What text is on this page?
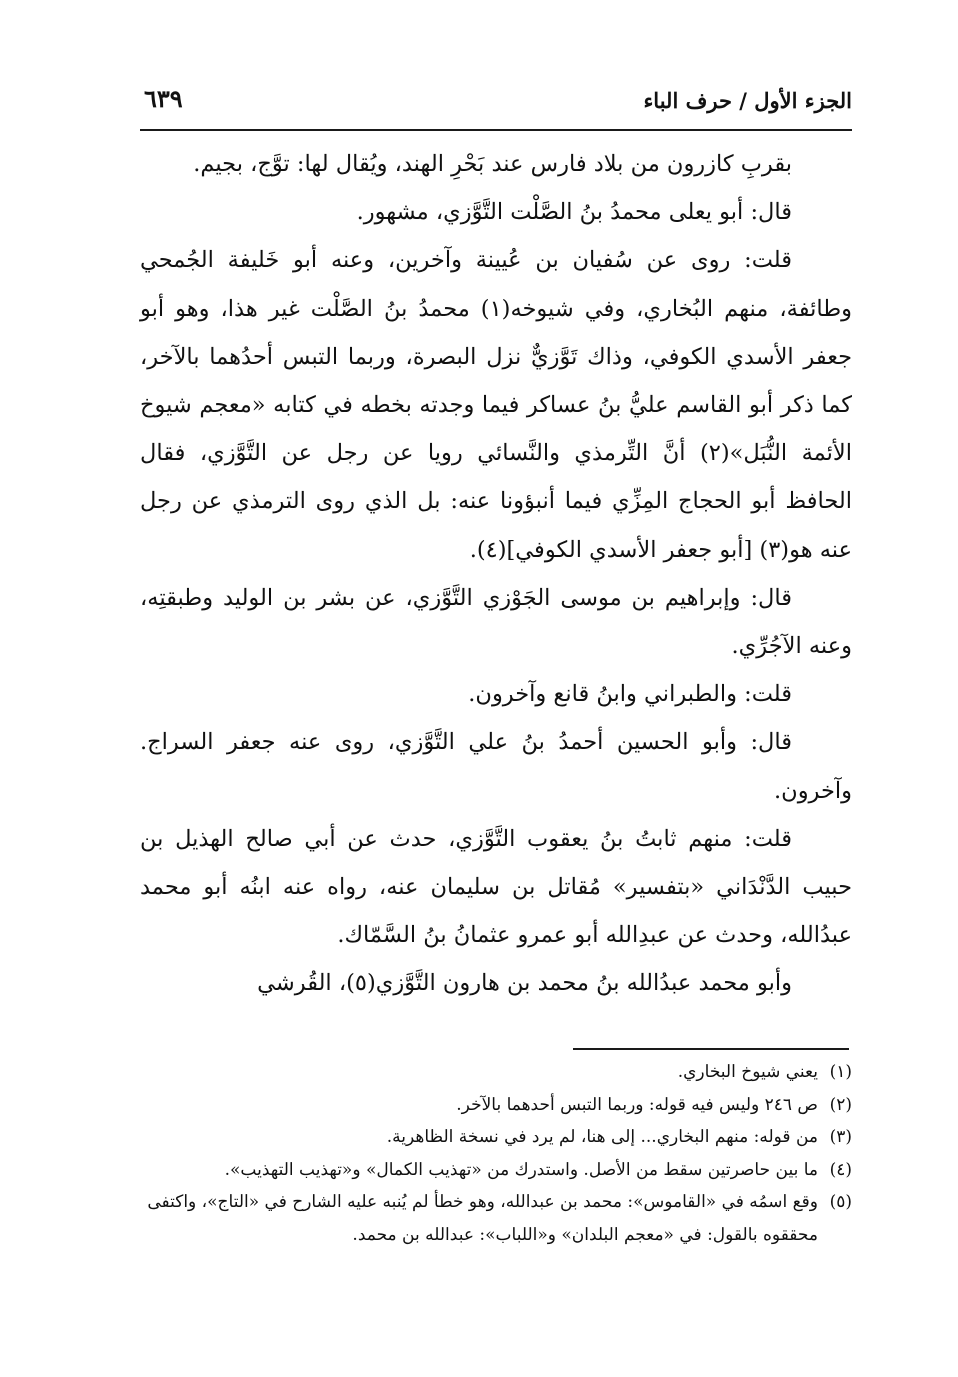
الجزء الأول / حرف الباء
٦٣٩

بقربِ كازرون من بلاد فارس عند بَحْرِ الهند، ويُقال لها: توَّج، بجيم.

قال: أبو يعلى محمدُ بنُ الصَّلْت التَّوَّزي، مشهور.

قلت: روى عن سُفيان بن عُيينة وآخرين، وعنه أبو خَليفة الجُمحي وطائفة، منهم البُخاري، وفي شيوخه(١) محمدُ بنُ الصَّلْت غير هذا، وهو أبو جعفر الأسدي الكوفي، وذاك تَوَّزيٌّ نزل البصرة، وربما التبس أحدُهما بالآخر، كما ذكر أبو القاسم عليُّ بنُ عساكر فيما وجدته بخطه في كتابه «معجم شيوخ الأئمة النُّبَل»(٢) أنَّ التِّرمذي والنَّسائي رويا عن رجل عن التَّوَّزي، فقال الحافظ أبو الحجاج المِزِّي فيما أنبؤونا عنه: بل الذي روى الترمذي عن رجل عنه هو(٣) [أبو جعفر الأسدي الكوفي](٤).

قال: وإبراهيم بن موسى الجَوْزي التَّوَّزي، عن بشر بن الوليد وطبقتِه، وعنه الآجُرِّي.

قلت: والطبراني وابنُ قانع وآخرون.

قال: وأبو الحسين أحمدُ بنُ علي التَّوَّزي، روى عنه جعفر السراج. وآخرون.

قلت: منهم ثابتُ بنُ يعقوب التَّوَّزي، حدث عن أبي صالح الهذيل بن حبيب الدَّنْدَاني «بتفسير» مُقاتل بن سليمان عنه، رواه عنه ابنُه أبو محمد عبدُالله، وحدث عن عبدِالله أبو عمرو عثمانُ بنُ السَّمّاك.

وأبو محمد عبدُالله بنُ محمد بن هارون التَّوَّزي(٥)، القُرشي

(١)يعني شيوخ البخاري.

(٢)ص ٢٤٦ وليس فيه قوله: وربما التبس أحدهما بالآخر.

(٣)من قوله: منهم البخاري... إلى هنا، لم يرد في نسخة الظاهرية.

(٤)ما بين حاصرتين سقط من الأصل. واستدرك من «تهذيب الكمال» و«تهذيب التهذيب».

(٥)وقع اسمُه في «القاموس»: محمد بن عبدالله، وهو خطأ لم يُنبه عليه الشارح في «التاج»، واكتفى محققوه بالقول: في «معجم البلدان» و«اللباب»: عبدالله بن محمد.
